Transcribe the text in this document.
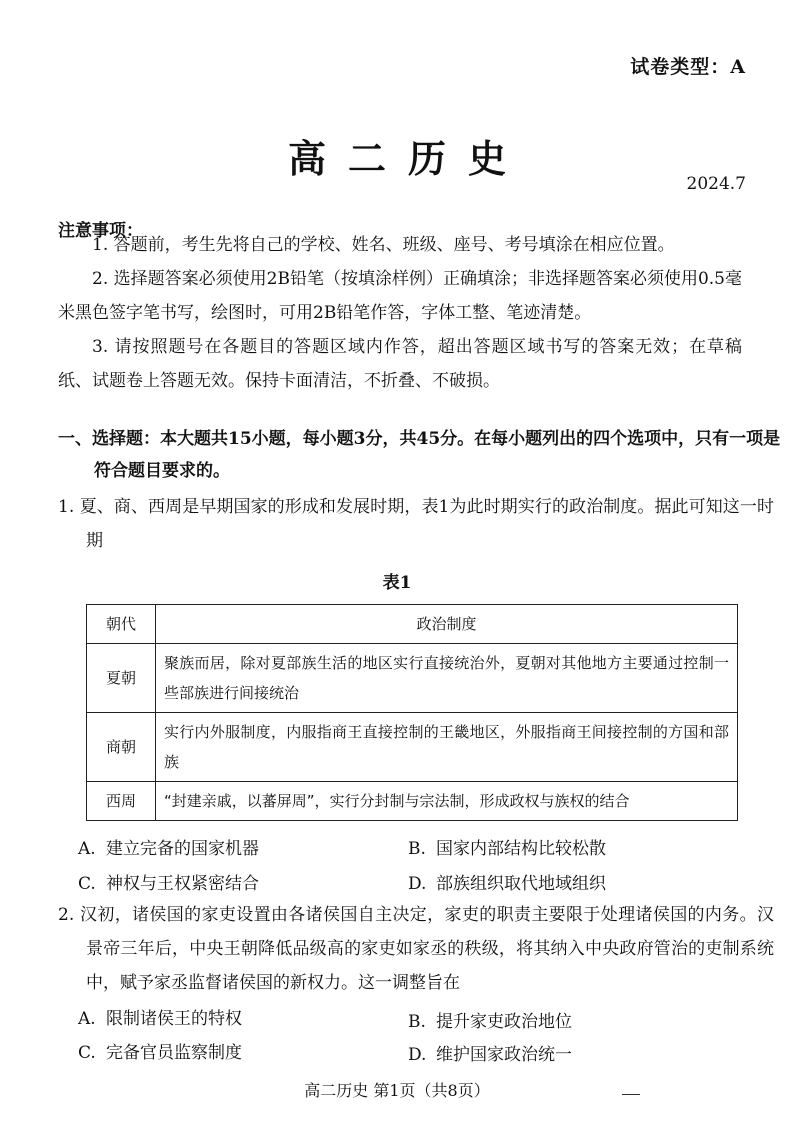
试卷类型：A
高二历史
2024.7
注意事项：
1. 答题前，考生先将自己的学校、姓名、班级、座号、考号填涂在相应位置。
2. 选择题答案必须使用2B铅笔（按填涂样例）正确填涂；非选择题答案必须使用0.5毫米黑色签字笔书写，绘图时，可用2B铅笔作答，字体工整、笔迹清楚。
3. 请按照题号在各题目的答题区域内作答，超出答题区域书写的答案无效；在草稿纸、试题卷上答题无效。保持卡面清洁，不折叠、不破损。
一、选择题：本大题共15小题，每小题3分，共45分。在每小题列出的四个选项中，只有一项是符合题目要求的。
1. 夏、商、西周是早期国家的形成和发展时期，表1为此时期实行的政治制度。据此可知这一时期
表1
朝代	政治制度
夏朝	聚族而居，除对夏部族生活的地区实行直接统治外，夏朝对其他地方主要通过控制一些部族进行间接统治
商朝	实行内外服制度，内服指商王直接控制的王畿地区，外服指商王间接控制的方国和部族
西周	“封建亲戚，以蕃屏周”，实行分封制与宗法制，形成政权与族权的结合
A. 建立完备的国家机器	B. 国家内部结构比较松散
C. 神权与王权紧密结合	D. 部族组织取代地域组织
2. 汉初，诸侯国的家吏设置由各诸侯国自主决定，家吏的职责主要限于处理诸侯国的内务。汉景帝三年后，中央王朝降低品级高的家吏如家丞的秩级，将其纳入中央政府管治的吏制系统中，赋予家丞监督诸侯国的新权力。这一调整旨在
A. 限制诸侯王的特权	B. 提升家吏政治地位
C. 完备官员监察制度	D. 维护国家政治统一
高二历史 第1页（共8页）
